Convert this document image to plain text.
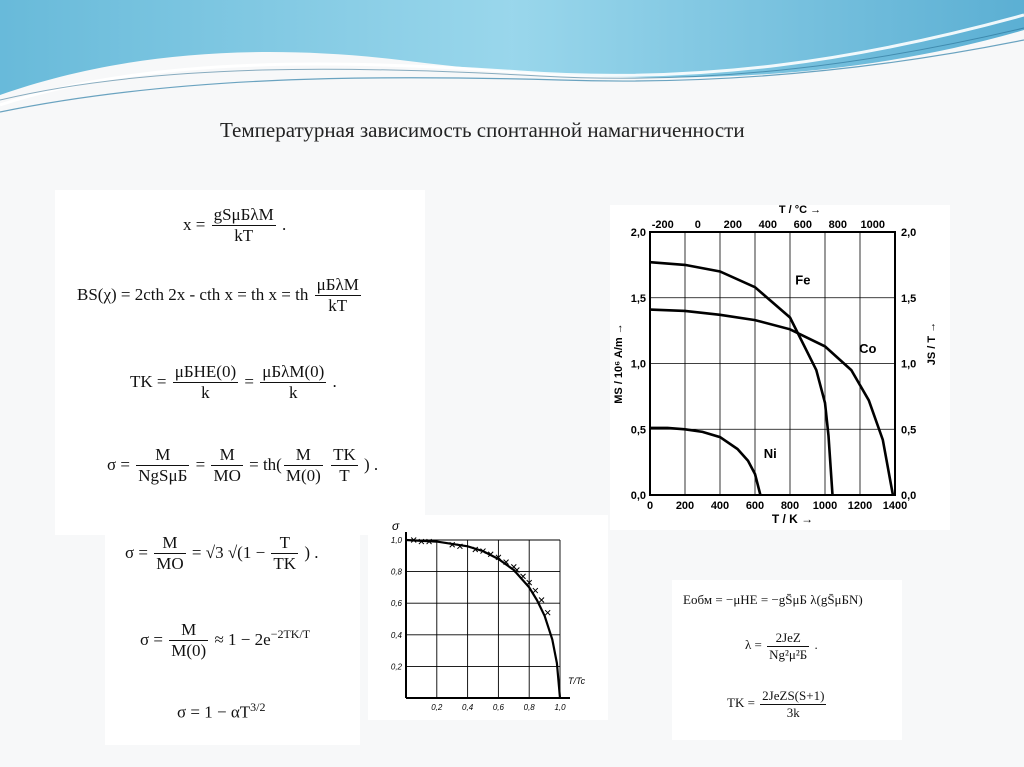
Температурная зависимость спонтанной намагниченности
$x = \frac{\text{gSμБλM}}{kT}$ .
BS(χ) = 2cth 2x - cth x = th x = th $\frac{\text{μБλM}}{kT}$
TK = $\frac{\text{μБHE(0)}}{k} = \frac{\text{μБλM(0)}}{k}$ .
$\sigma = \frac{M}{\text{NgSμБ}} = \frac{M}{MO} = th( \frac{M}{M(0)}$
$\frac{TK}{T}$ ) .
$\sigma = \frac{M}{MO} = √3$ $√(1 - \frac{T}{TK}$ ) .
$\sigma = \frac{M}{M(0)} \approx 1 - 2e^{-2TK/T}$
$\sigma = 1 - \alpha T^{3/2}$
Eобм = −μHE = −gS̄μБ λ(gS̄μБN)
$\lambda = \frac{\text{2JeZ}}{\text{Ng²μ²Б}}$ .
TK = $\frac{\text{2JeZS(S+1)}}{3k}$
0 200 400 600 800 1000 1200 1400
0,0	0,0
0,5	0,5
1,0	1,0
1,5	1,5
2,0	2,0
-200 0 200 400 600 800 1000
T / °C →
T / K →
MS / 10⁶ A/m →	JS / T →
Fe
Co
Ni
0,2 0,4 0,6 0,8 1,0
0,2
0,4
0,6
0,8
1,0
σ
T/Tc
